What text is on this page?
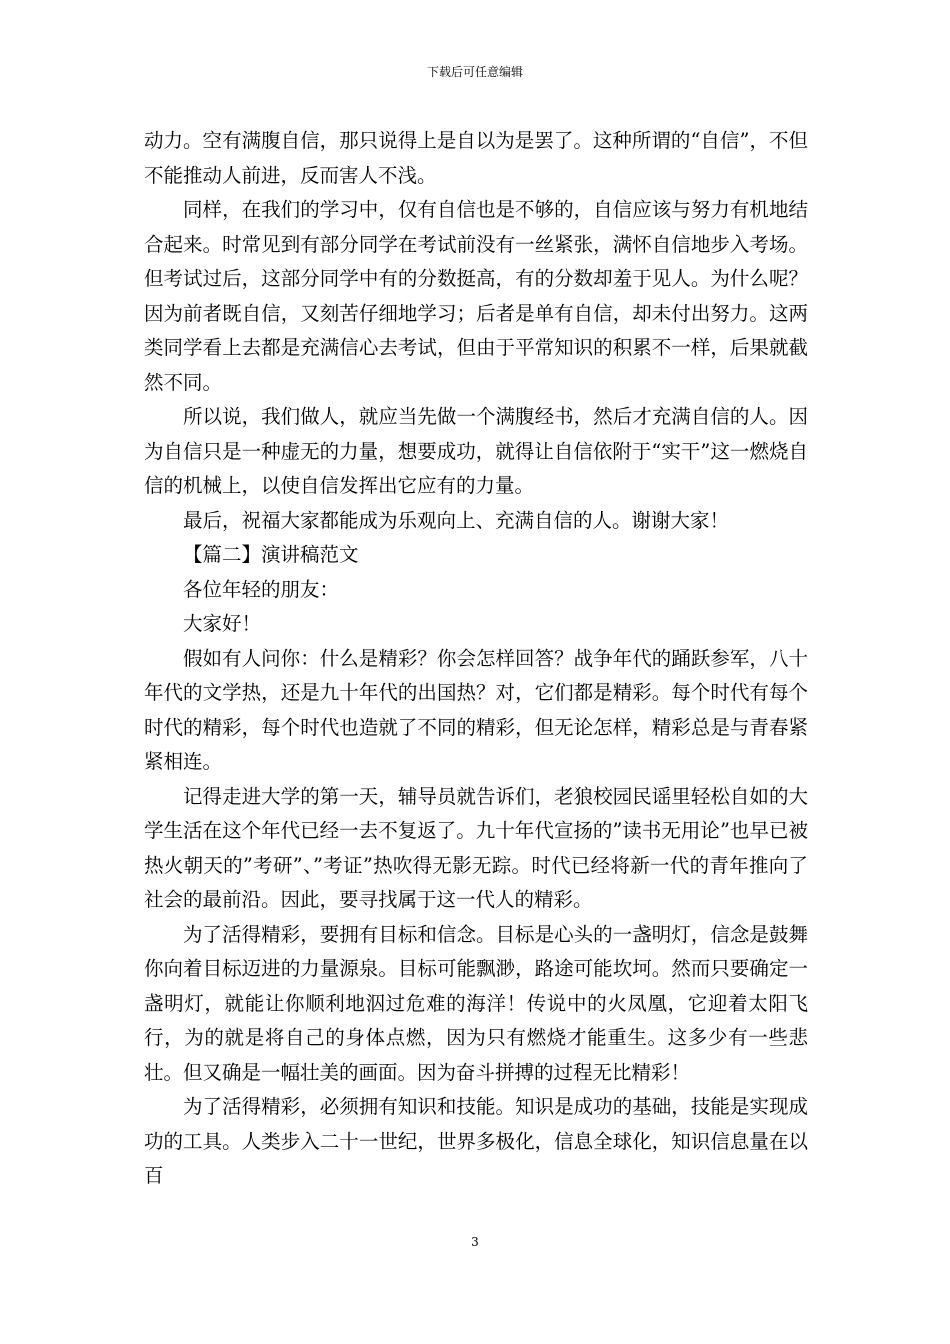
下载后可任意编辑

动力。空有满腹自信，那只说得上是自以为是罢了。这种所谓的“自信”，不但不能推动人前进，反而害人不浅。

同样，在我们的学习中，仅有自信也是不够的，自信应该与努力有机地结合起来。时常见到有部分同学在考试前没有一丝紧张，满怀自信地步入考场。但考试过后，这部分同学中有的分数挺高，有的分数却羞于见人。为什么呢？因为前者既自信，又刻苦仔细地学习；后者是单有自信，却未付出努力。这两类同学看上去都是充满信心去考试，但由于平常知识的积累不一样，后果就截然不同。

所以说，我们做人，就应当先做一个满腹经书，然后才充满自信的人。因为自信只是一种虚无的力量，想要成功，就得让自信依附于“实干”这一燃烧自信的机械上，以使自信发挥出它应有的力量。

最后，祝福大家都能成为乐观向上、充满自信的人。谢谢大家！

【篇二】演讲稿范文

各位年轻的朋友：

大家好！

假如有人问你：什么是精彩？你会怎样回答？战争年代的踊跃参军，八十年代的文学热，还是九十年代的出国热？对，它们都是精彩。每个时代有每个时代的精彩，每个时代也造就了不同的精彩，但无论怎样，精彩总是与青春紧紧相连。

记得走进大学的第一天，辅导员就告诉们，老狼校园民谣里轻松自如的大学生活在这个年代已经一去不复返了。九十年代宣扬的”读书无用论”也早已被热火朝天的”考研”、”考证”热吹得无影无踪。时代已经将新一代的青年推向了社会的最前沿。因此，要寻找属于这一代人的精彩。

为了活得精彩，要拥有目标和信念。目标是心头的一盏明灯，信念是鼓舞你向着目标迈进的力量源泉。目标可能飘渺，路途可能坎坷。然而只要确定一盏明灯，就能让你顺利地泅过危难的海洋！传说中的火凤凰，它迎着太阳飞行，为的就是将自己的身体点燃，因为只有燃烧才能重生。这多少有一些悲壮。但又确是一幅壮美的画面。因为奋斗拼搏的过程无比精彩！

为了活得精彩，必须拥有知识和技能。知识是成功的基础，技能是实现成功的工具。人类步入二十一世纪，世界多极化，信息全球化，知识信息量在以百

3
